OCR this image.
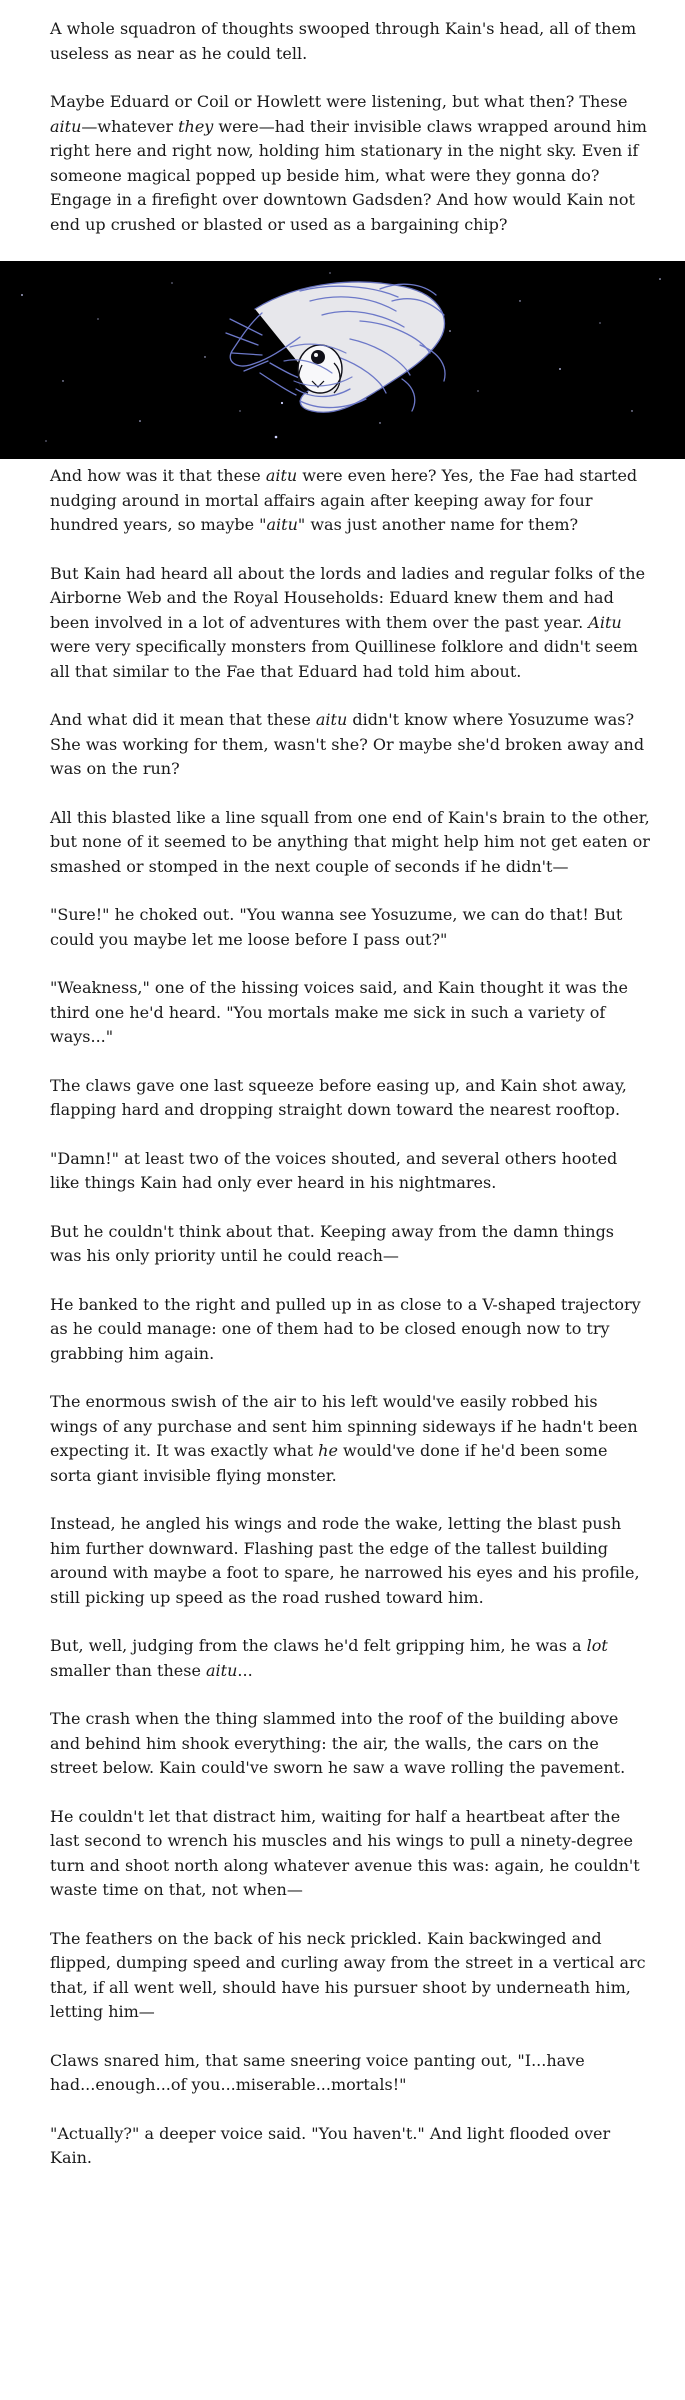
A whole squadron of thoughts swooped through Kain's head, all of them useless as near as he could tell.

Maybe Eduard or Coil or Howlett were listening, but what then? These aitu—whatever they were—had their invisible claws wrapped around him right here and right now, holding him stationary in the night sky. Even if someone magical popped up beside him, what were they gonna do? Engage in a firefight over downtown Gadsden? And how would Kain not end up crushed or blasted or used as a bargaining chip?

And how was it that these aitu were even here? Yes, the Fae had started nudging around in mortal affairs again after keeping away for four hundred years, so maybe "aitu" was just another name for them?

But Kain had heard all about the lords and ladies and regular folks of the Airborne Web and the Royal Households: Eduard knew them and had been involved in a lot of adventures with them over the past year. Aitu were very specifically monsters from Quillinese folklore and didn't seem all that similar to the Fae that Eduard had told him about.

And what did it mean that these aitu didn't know where Yosuzume was? She was working for them, wasn't she? Or maybe she'd broken away and was on the run?

All this blasted like a line squall from one end of Kain's brain to the other, but none of it seemed to be anything that might help him not get eaten or smashed or stomped in the next couple of seconds if he didn't—

"Sure!" he choked out. "You wanna see Yosuzume, we can do that! But could you maybe let me loose before I pass out?"

"Weakness," one of the hissing voices said, and Kain thought it was the third one he'd heard. "You mortals make me sick in such a variety of ways..."

The claws gave one last squeeze before easing up, and Kain shot away, flapping hard and dropping straight down toward the nearest rooftop.

"Damn!" at least two of the voices shouted, and several others hooted like things Kain had only ever heard in his nightmares.

But he couldn't think about that. Keeping away from the damn things was his only priority until he could reach—

He banked to the right and pulled up in as close to a V-shaped trajectory as he could manage: one of them had to be closed enough now to try grabbing him again.

The enormous swish of the air to his left would've easily robbed his wings of any purchase and sent him spinning sideways if he hadn't been expecting it. It was exactly what he would've done if he'd been some sorta giant invisible flying monster.

Instead, he angled his wings and rode the wake, letting the blast push him further downward. Flashing past the edge of the tallest building around with maybe a foot to spare, he narrowed his eyes and his profile, still picking up speed as the road rushed toward him.

But, well, judging from the claws he'd felt gripping him, he was a lot smaller than these aitu...

The crash when the thing slammed into the roof of the building above and behind him shook everything: the air, the walls, the cars on the street below. Kain could've sworn he saw a wave rolling the pavement.

He couldn't let that distract him, waiting for half a heartbeat after the last second to wrench his muscles and his wings to pull a ninety-degree turn and shoot north along whatever avenue this was: again, he couldn't waste time on that, not when—

The feathers on the back of his neck prickled. Kain backwinged and flipped, dumping speed and curling away from the street in a vertical arc that, if all went well, should have his pursuer shoot by underneath him, letting him—

Claws snared him, that same sneering voice panting out, "I...have had...enough...of you...miserable...mortals!"

"Actually?" a deeper voice said. "You haven't." And light flooded over Kain.
